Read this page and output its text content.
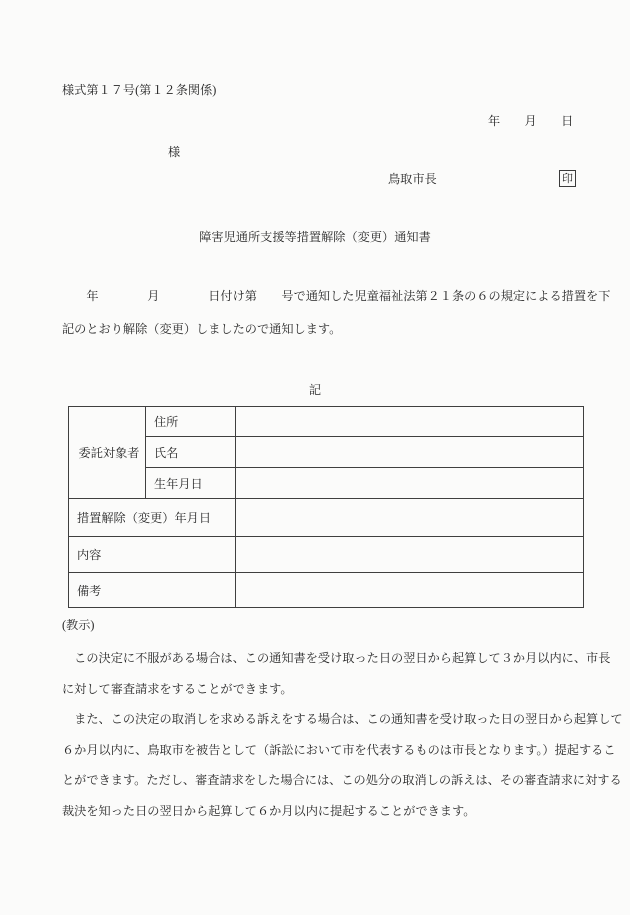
様式第１７号(第１２条関係)
年　　月　　日
様
鳥取市長	印
障害児通所支援等措置解除（変更）通知書
　　年　　　　月　　　　日付け第　　号で通知した児童福祉法第２１条の６の規定による措置を下
記のとおり解除（変更）しましたので通知します。
記
委託対象者	住所	
	氏名	
	生年月日	
措置解除（変更）年月日		
内容		
備考		
(教示)
　この決定に不服がある場合は、この通知書を受け取った日の翌日から起算して３か月以内に、市長
に対して審査請求をすることができます。
　また、この決定の取消しを求める訴えをする場合は、この通知書を受け取った日の翌日から起算して
６か月以内に、鳥取市を被告として（訴訟において市を代表するものは市長となります。）提起するこ
とができます。ただし、審査請求をした場合には、この処分の取消しの訴えは、その審査請求に対する
裁決を知った日の翌日から起算して６か月以内に提起することができます。
